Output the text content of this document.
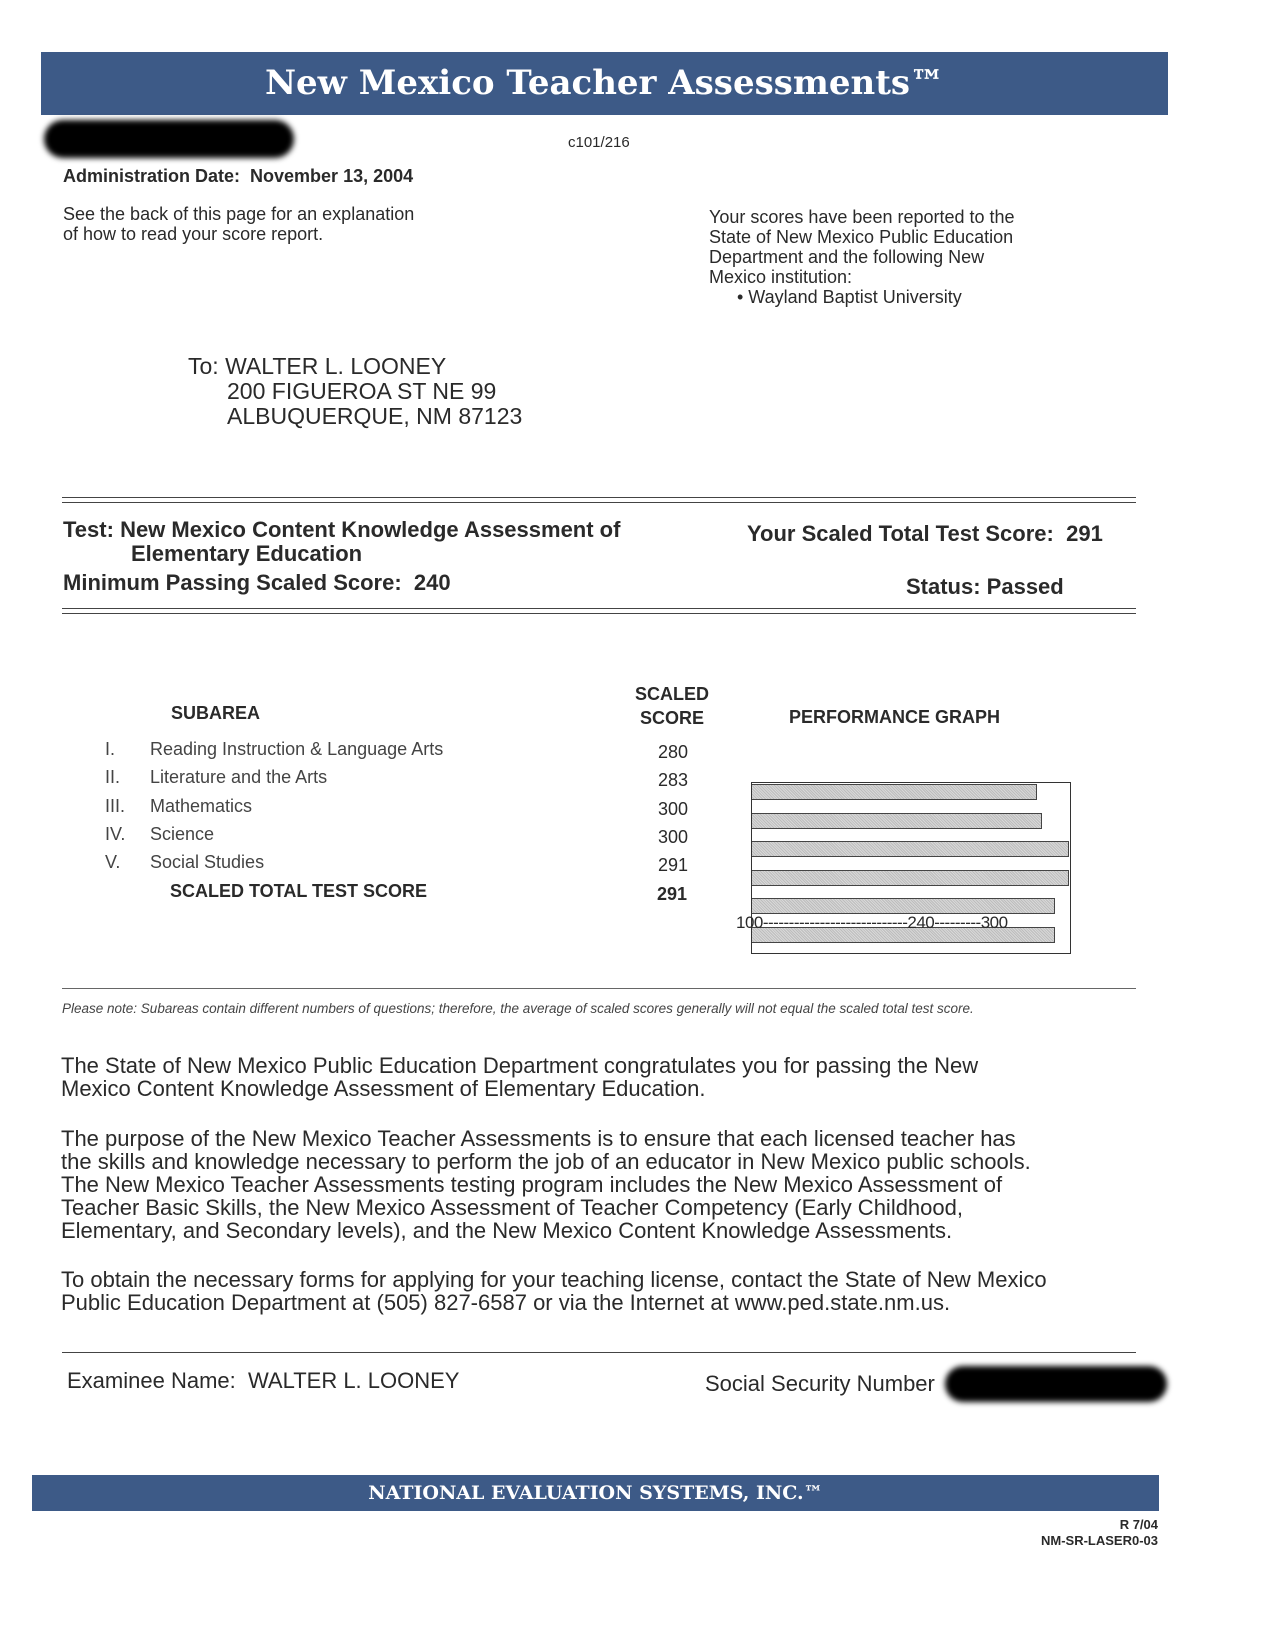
New Mexico Teacher Assessments™
c101/216
Administration Date: November 13, 2004
See the back of this page for an explanation
of how to read your score report.
Your scores have been reported to the
State of New Mexico Public Education
Department and the following New
Mexico institution:
• Wayland Baptist University
To: WALTER L. LOONEY
200 FIGUEROA ST NE 99
ALBUQUERQUE, NM 87123
Test: New Mexico Content Knowledge Assessment of
Elementary Education
Minimum Passing Scaled Score: 240
Your Scaled Total Test Score: 291
Status: Passed
SUBAREA
SCALED
SCORE	PERFORMANCE GRAPH
I. Reading Instruction & Language Arts	280
II. Literature and the Arts	283
III. Mathematics	300
IV. Science	300
V. Social Studies	291
SCALED TOTAL TEST SCORE	291
100----------------------------240---------300
Please note: Subareas contain different numbers of questions; therefore, the average of scaled scores generally will not equal the scaled total test score.
The State of New Mexico Public Education Department congratulates you for passing the New
Mexico Content Knowledge Assessment of Elementary Education.
The purpose of the New Mexico Teacher Assessments is to ensure that each licensed teacher has
the skills and knowledge necessary to perform the job of an educator in New Mexico public schools.
The New Mexico Teacher Assessments testing program includes the New Mexico Assessment of
Teacher Basic Skills, the New Mexico Assessment of Teacher Competency (Early Childhood,
Elementary, and Secondary levels), and the New Mexico Content Knowledge Assessments.
To obtain the necessary forms for applying for your teaching license, contact the State of New Mexico
Public Education Department at (505) 827-6587 or via the Internet at www.ped.state.nm.us.
Examinee Name: WALTER L. LOONEY	Social Security Number
NATIONAL EVALUATION SYSTEMS, INC.™
R 7/04
NM-SR-LASER0-03
